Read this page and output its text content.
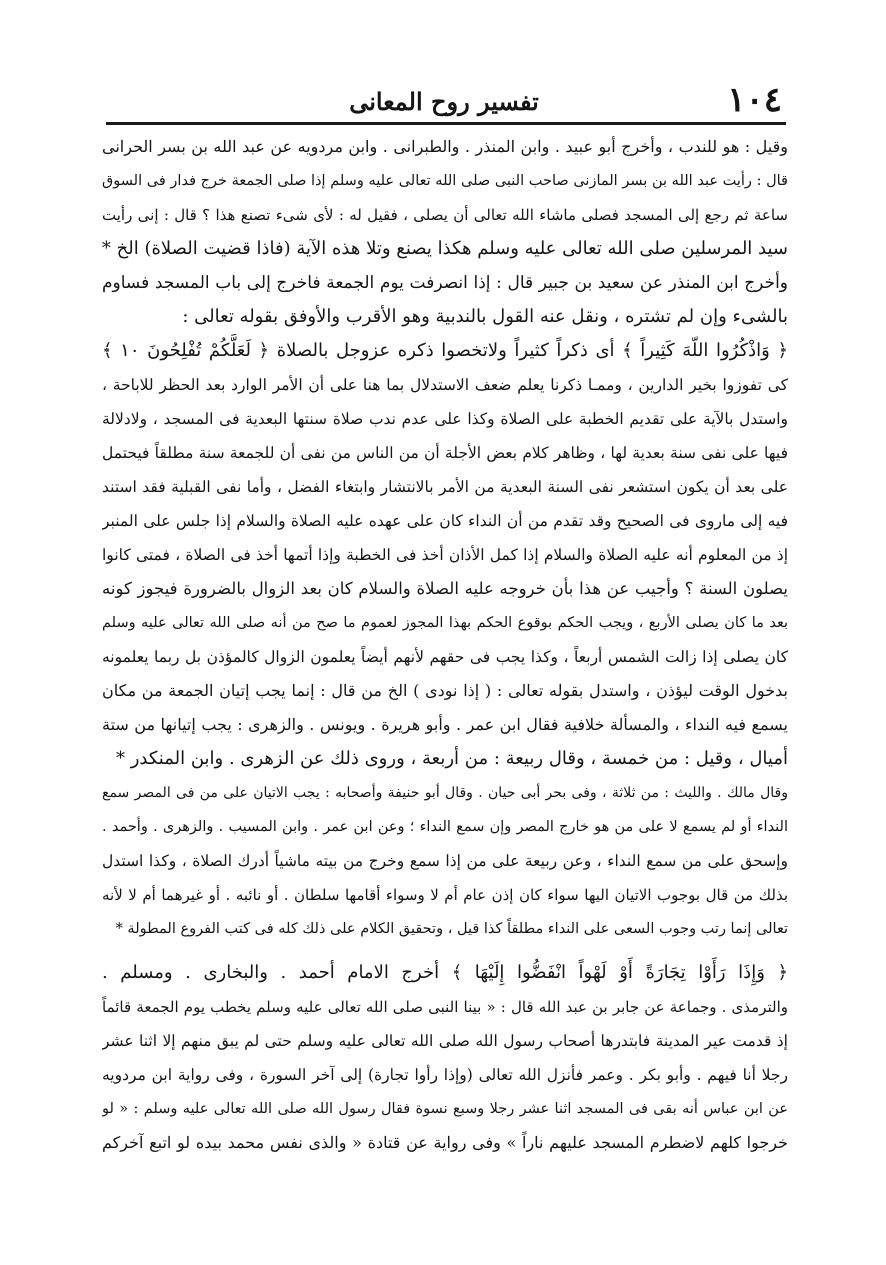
١٠٤
تفسير روح المعانى
وقيل : هو للندب ، وأخرج أبو عبيد . وابن المنذر . والطبرانى . وابن مردويه عن عبد الله بن بسر الحرانى
قال : رأيت عبد الله بن بسر المازنى صاحب النبى صلى الله تعالى عليه وسلم إذا صلى الجمعة خرج فدار فى السوق
ساعة ثم رجع إلى المسجد فصلى ماشاء الله تعالى أن يصلى ، فقيل له : لأى شىء تصنع هذا ؟ قال : إنى رأيت
سيد المرسلين صلى الله تعالى عليه وسلم هكذا يصنع وتلا هذه الآية (فاذا قضيت الصلاة) الخ *
وأخرج ابن المنذر عن سعيد بن جبير قال : إذا انصرفت يوم الجمعة فاخرج إلى باب المسجد فساوم
بالشىء وإن لم تشتره ، ونقل عنه القول بالندبية وهو الأقرب والأوفق بقوله تعالى :
﴿ وَاذْكُرُوا اللّهَ كَثِيراً ﴾ أى ذكراً كثيراً ولاتخصوا ذكره عزوجل بالصلاة ﴿ لَعَلَّكُمْ تُفْلِحُونَ ١٠ ﴾
كى تفوزوا بخير الدارين ، وممـا ذكرنا يعلم ضعف الاستدلال بما هنا على أن الأمر الوارد بعد الحظر للاباحة ،
واستدل بالآية على تقديم الخطبة على الصلاة وكذا على عدم ندب صلاة سنتها البعدية فى المسجد ، ولادلالة
فيها على نفى سنة بعدية لها ، وظاهر كلام بعض الأجلة أن من الناس من نفى أن للجمعة سنة مطلقاً فيحتمل
على بعد أن يكون استشعر نفى السنة البعدية من الأمر بالانتشار وابتغاء الفضل ، وأما نفى القبلية فقد استند
فيه إلى ماروى فى الصحيح وقد تقدم من أن النداء كان على عهده عليه الصلاة والسلام إذا جلس على المنبر
إذ من المعلوم أنه عليه الصلاة والسلام إذا كمل الأذان أخذ فى الخطبة وإذا أتمها أخذ فى الصلاة ، فمتى كانوا
يصلون السنة ؟ وأجيب عن هذا بأن خروجه عليه الصلاة والسلام كان بعد الزوال بالضرورة فيجوز كونه
بعد ما كان يصلى الأربع ، ويجب الحكم بوقوع الحكم بهذا المجوز لعموم ما صح من أنه صلى الله تعالى عليه وسلم
كان يصلى إذا زالت الشمس أربعاً ، وكذا يجب فى حقهم لأنهم أيضاً يعلمون الزوال كالمؤذن بل ربما يعلمونه
بدخول الوقت ليؤذن ، واستدل بقوله تعالى : ( إذا نودى ) الخ من قال : إنما يجب إتيان الجمعة من مكان
يسمع فيه النداء ، والمسألة خلافية فقال ابن عمر . وأبو هريرة . ويونس . والزهرى : يجب إتيانها من ستة
أميال ، وقيل : من خمسة ، وقال ربيعة : من أربعة ، وروى ذلك عن الزهرى . وابن المنكدر *
وقال مالك . والليث : من ثلاثة ، وفى بحر أبى حيان . وقال أبو حنيفة وأصحابه : يجب الاتيان على من فى المصر سمع
النداء أو لم يسمع لا على من هو خارج المصر وإن سمع النداء ؛ وعن ابن عمر . وابن المسيب . والزهرى . وأحمد .
وإسحق على من سمع النداء ، وعن ربيعة على من إذا سمع وخرج من بيته ماشياً أدرك الصلاة ، وكذا استدل
بذلك من قال بوجوب الاتيان اليها سواء كان إذن عام أم لا وسواء أقامها سلطان . أو نائبه . أو غيرهما أم لا لأنه
تعالى إنما رتب وجوب السعى على النداء مطلقاً كذا قيل ، وتحقيق الكلام على ذلك كله فى كتب الفروع المطولة *
﴿ وَإِذَا رَأَوْا تِجَارَةً أَوْ لَهْواً انْفَضُّوا إِلَيْهَا ﴾ أخرج الامام أحمد . والبخارى . ومسلم .
والترمذى . وجماعة عن جابر بن عبد الله قال : « بينا النبى صلى الله تعالى عليه وسلم يخطب يوم الجمعة قائماً
إذ قدمت عير المدينة فابتدرها أصحاب رسول الله صلى الله تعالى عليه وسلم حتى لم يبق منهم إلا اثنا عشر
رجلا أنا فيهم . وأبو بكر . وعمر فأنزل الله تعالى (وإذا رأوا تجارة) إلى آخر السورة ، وفى رواية ابن مردويه
عن ابن عباس أنه بقى فى المسجد اثنا عشر رجلا وسبع نسوة فقال رسول الله صلى الله تعالى عليه وسلم : « لو
خرجوا كلهم لاضطرم المسجد عليهم ناراً » وفى رواية عن قتادة « والذى نفس محمد بيده لو اتبع آخركم
